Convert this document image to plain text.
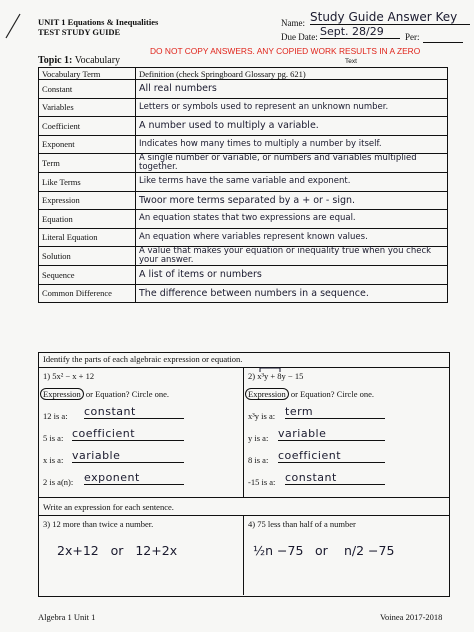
UNIT 1 Equations & Inequalities
TEST STUDY GUIDE
Name: Study Guide Answer Key
Due Date: Sept. 28/29	Per:
DO NOT COPY ANSWERS. ANY COPIED WORK RESULTS IN A ZERO
Text
Topic 1: Vocabulary
Vocabulary Term	Definition (check Springboard Glossary pg. 621)
Constant	All real numbers
Variables	Letters or symbols used to represent an unknown number.
Coefficient	A number used to multiply a variable.
Exponent	Indicates how many times to multiply a number by itself.
Term	A single number or variable, or numbers and variables multiplied together.
Like Terms	Like terms have the same variable and exponent.
Expression	Twoor more terms separated by a + or - sign.
Equation	An equation states that two expressions are equal.
Literal Equation	An equation where variables represent known values.
Solution	A value that makes your equation or inequality true when you check your answer.
Sequence	A list of items or numbers
Common Difference	The difference between numbers in a sequence.
Identify the parts of each algebraic expression or equation.
1) 5x² − x + 12
Expression or Equation? Circle one.
12 is a: constant
5 is a: coefficient
x is a: variable
2 is a(n): exponent
2) x³y + 8y − 15
Expression or Equation? Circle one.
x³y is a: term
y is a: variable
8 is a: coefficient
-15 is a: constant
Write an expression for each sentence.
3) 12 more than twice a number.
2x+12   or   12+2x
4) 75 less than half of a number
½n −75 or n/2 −75
Algebra 1 Unit 1	Voinea 2017-2018
